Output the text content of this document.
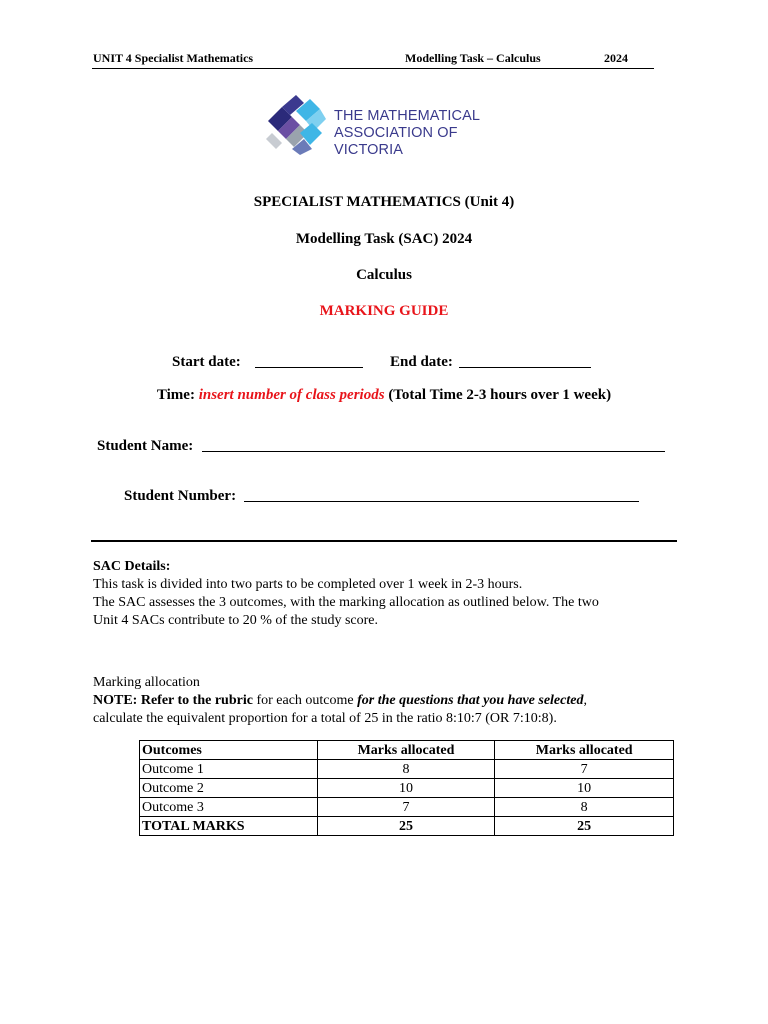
UNIT 4 Specialist Mathematics	Modelling Task – Calculus	2024
THE MATHEMATICAL
ASSOCIATION OF VICTORIA
SPECIALIST MATHEMATICS (Unit 4)
Modelling Task (SAC) 2024
Calculus
MARKING GUIDE
Start date:	End date:
Time: insert number of class periods (Total Time 2-3 hours over 1 week)
Student Name:
Student Number:
SAC Details:
This task is divided into two parts to be completed over 1 week in 2-3 hours.
The SAC assesses the 3 outcomes, with the marking allocation as outlined below. The two
Unit 4 SACs contribute to 20 % of the study score.
Marking allocation
NOTE: Refer to the rubric for each outcome for the questions that you have selected,
calculate the equivalent proportion for a total of 25 in the ratio 8:10:7 (OR 7:10:8).
Outcomes	Marks allocated	Marks allocated
Outcome 1	8	7
Outcome 2	10	10
Outcome 3	7	8
TOTAL MARKS	25	25
